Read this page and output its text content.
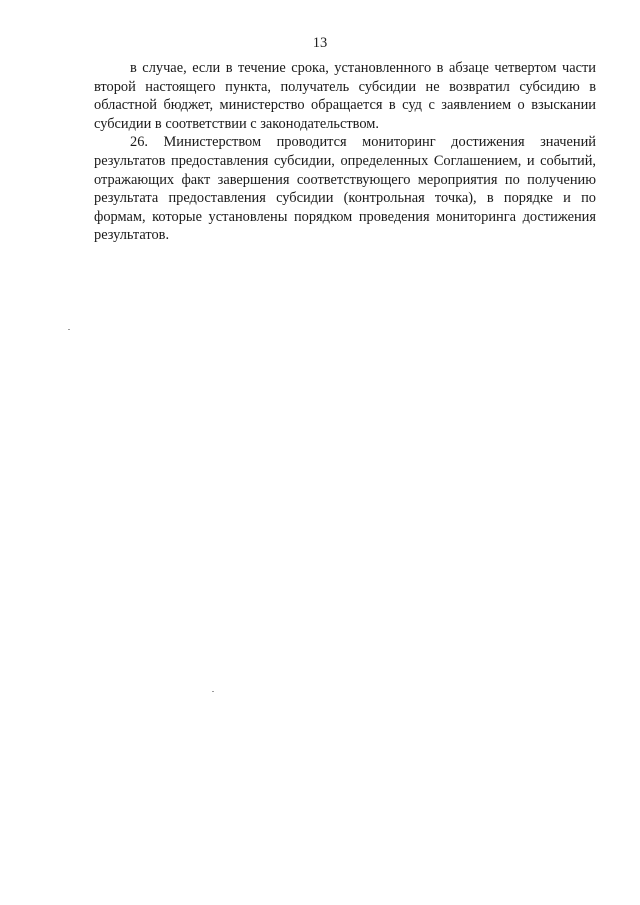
13

в случае, если в течение срока, установленного в абзаце четвертом части второй настоящего пункта, получатель субсидии не возвратил субсидию в областной бюджет, министерство обращается в суд с заявлением о взыскании субсидии в соответствии с законодательством.

26. Министерством проводится мониторинг достижения значений результатов предоставления субсидии, определенных Соглашением, и событий, отражающих факт завершения соответствующего мероприятия по получению результата предоставления субсидии (контрольная точка), в порядке и по формам, которые установлены порядком проведения мониторинга достижения результатов.
